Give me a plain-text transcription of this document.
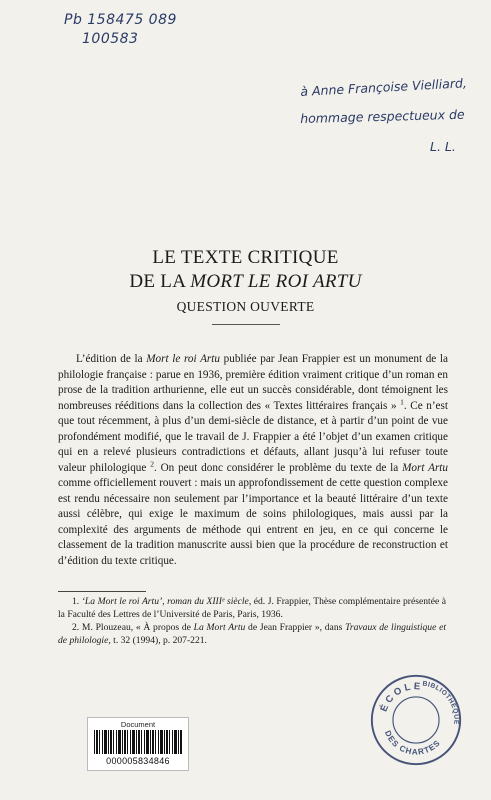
Pb 158475 089
100583
à Anne Françoise Vielliard,
hommage respectueux de
L. L.
LE TEXTE CRITIQUE
DE LA MORT LE ROI ARTU
QUESTION OUVERTE

L’édition de la Mort le roi Artu publiée par Jean Frappier est un monument de la philologie française : parue en 1936, première édition vraiment critique d’un roman en prose de la tradition arthurienne, elle eut un succès considérable, dont témoignent les nombreuses rééditions dans la collection des « Textes littéraires français » $^1$. Ce n’est que tout récemment, à plus d’un demi-siècle de distance, et à partir d’un point de vue profondément modifié, que le travail de J. Frappier a été l’objet d’un examen critique qui en a relevé plusieurs contradictions et défauts, allant jusqu’à lui refuser toute valeur philologique $^2$. On peut donc considérer le problème du texte de la Mort Artu comme officiellement rouvert : mais un approfondissement de cette question complexe est rendu nécessaire non seulement par l’importance et la beauté littéraire d’un texte aussi célèbre, qui exige le maximum de soins philologiques, mais aussi par la complexité des arguments de méthode qui entrent en jeu, en ce qui concerne le classement de la tradition manuscrite aussi bien que la procédure de reconstruction et d’édition du texte critique.

1. ‘La Mort le roi Artu’, roman du XIIIᵉ siècle, éd. J. Frappier, Thèse complémentaire présentée à la Faculté des Lettres de l’Université de Paris, Paris, 1936.

2. M. Plouzeau, « À propos de La Mort Artu de Jean Frappier », dans Travaux de linguistique et de philologie, t. 32 (1994), p. 207-221.

Document
000005834846
ÉCOLE
BIBLIOTHÈQUE
DES CHARTES
